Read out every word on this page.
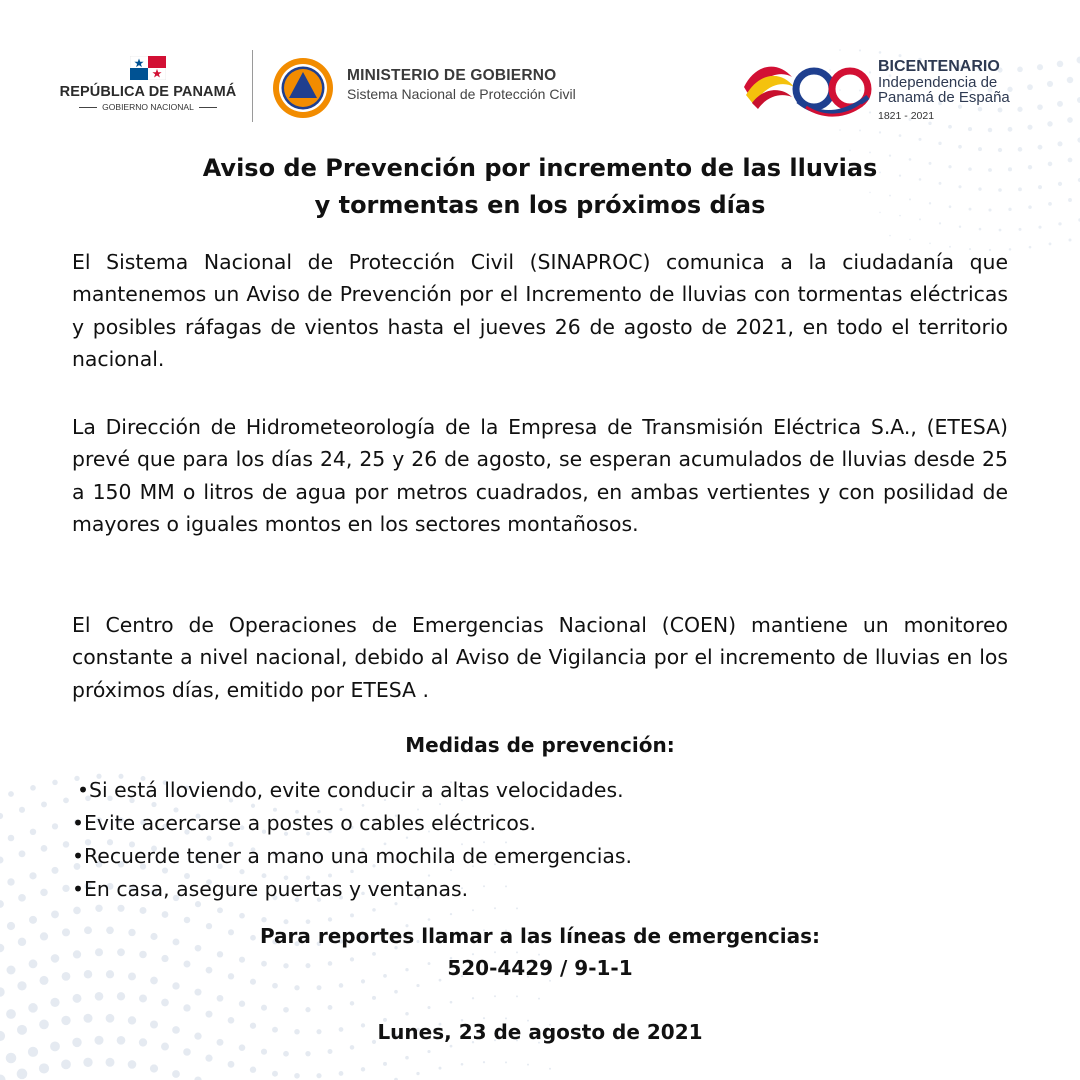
REPÚBLICA DE PANAMÁ
GOBIERNO NACIONAL
MINISTERIO DE GOBIERNO
Sistema Nacional de Protección Civil
BICENTENARIO
Independencia de
Panamá de España
1821 - 2021
Aviso de Prevención por incremento de las lluvias
y tormentas en los próximos días
El Sistema Nacional de Protección Civil (SINAPROC) comunica a la ciudadanía que mantenemos un Aviso de Prevención por el Incremento de lluvias con tormentas eléctricas y posibles ráfagas de vientos hasta el jueves 26 de agosto de 2021, en todo el territorio nacional.
La Dirección de Hidrometeorología de la Empresa de Transmisión Eléctrica S.A., (ETESA) prevé que para los días 24, 25 y 26 de agosto, se esperan acumulados de lluvias desde 25 a 150 MM o litros de agua por metros cuadrados, en ambas vertientes y con posilidad de mayores o iguales montos en los sectores montañosos.
El Centro de Operaciones de Emergencias Nacional (COEN) mantiene un monitoreo constante a nivel nacional, debido al Aviso de Vigilancia por el incremento de lluvias en los próximos días, emitido por ETESA .
Medidas de prevención:
•Si está lloviendo, evite conducir a altas velocidades.
•Evite acercarse a postes o cables eléctricos.
•Recuerde tener a mano una mochila de emergencias.
•En casa, asegure puertas y ventanas.
Para reportes llamar a las líneas de emergencias:
520-4429 / 9-1-1
Lunes, 23 de agosto de 2021
